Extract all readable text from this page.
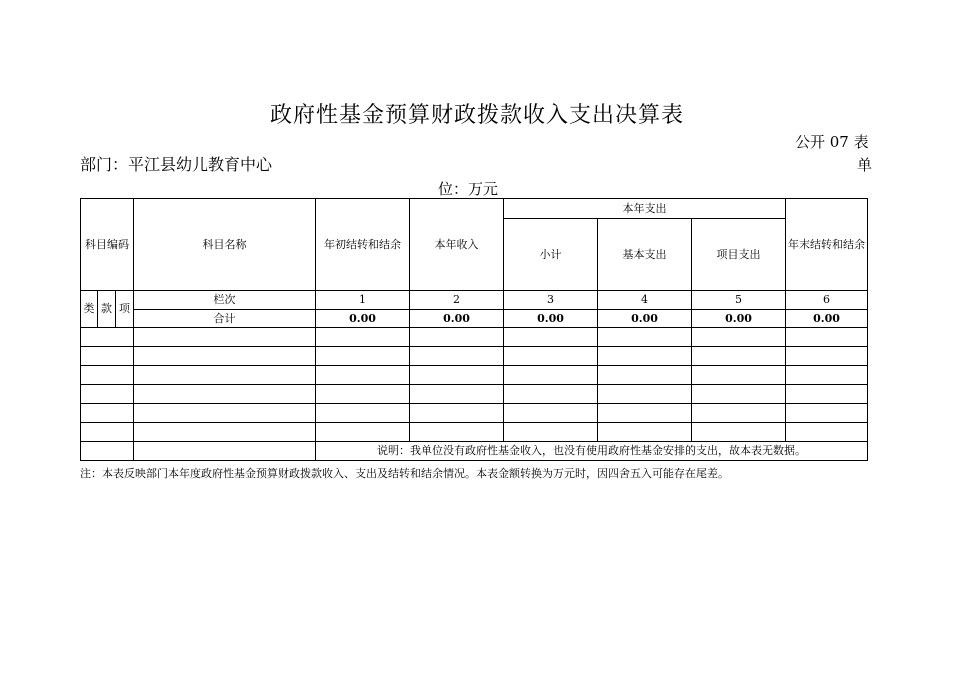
政府性基金预算财政拨款收入支出决算表
公开 07 表
部门：平江县幼儿教育中心	单
位：万元
科目编码			科目名称	年初结转和结余	本年收入	本年支出			年末结转和结余
						小计	基本支出	项目支出	
类	款	项	栏次	1	2	3	4	5	6
			合计	0.00	0.00	0.00	0.00	0.00	0.00

				说明：我单位没有政府性基金收入，也没有使用政府性基金安排的支出，故本表无数据。					
注：本表反映部门本年度政府性基金预算财政拨款收入、支出及结转和结余情况。本表金额转换为万元时，因四舍五入可能存在尾差。
